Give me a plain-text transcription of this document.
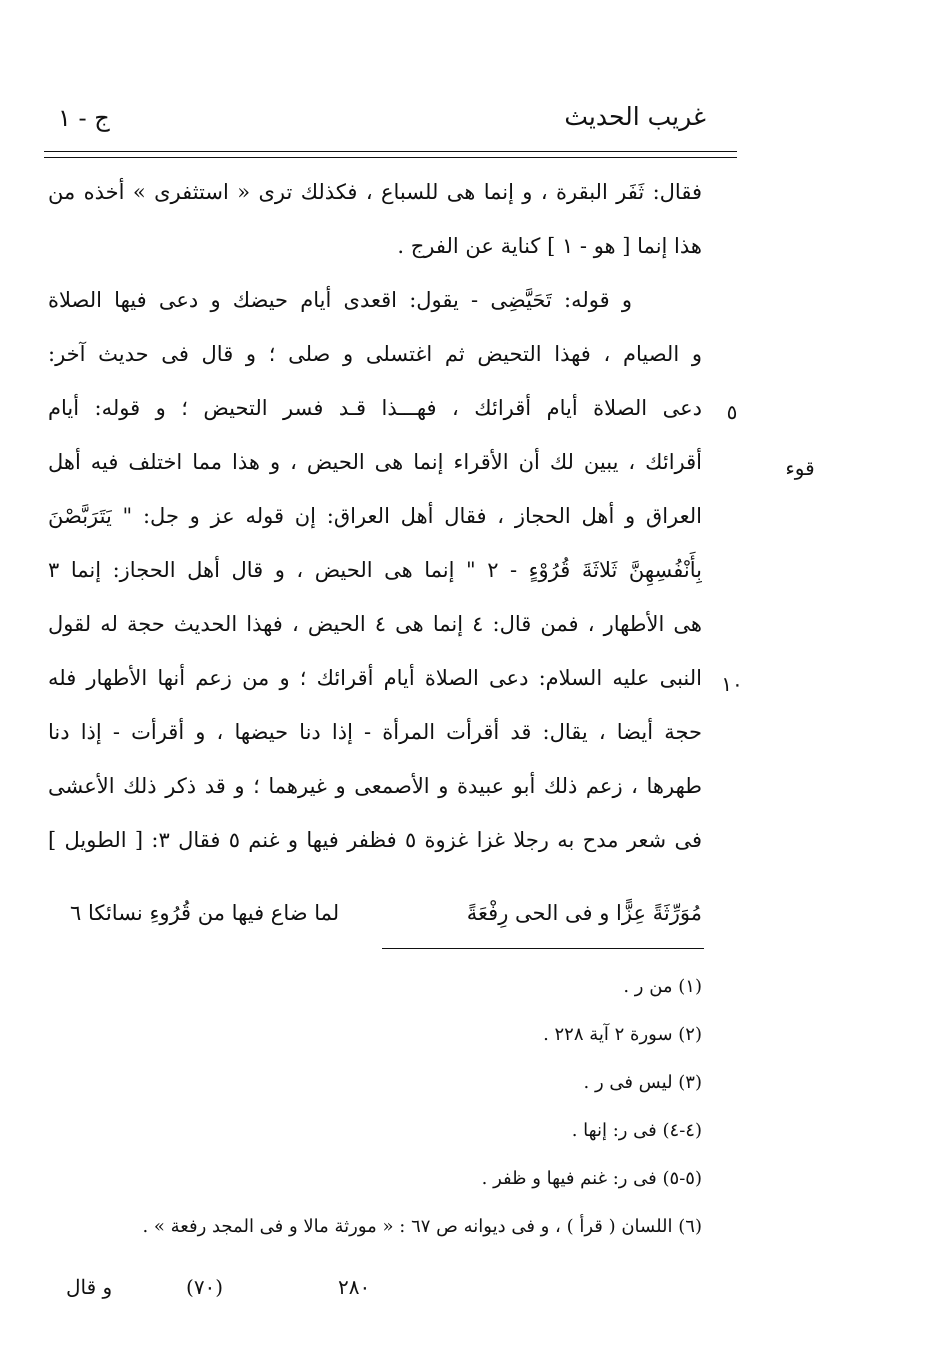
غريب الحديث
ج - ١
٥
١٠
قوء
فقال: ثَفَر البقرة ، و إنما هى للسباع ، فكذلك ترى « استثفرى » أخذه من
هذا إنما [ هو - ١ ] كناية عن الفرج .
و قوله: تَحَيَّضِى - يقول: اقعدى أيام حيضك و دعى فيها الصلاة
و الصيام ، فهذا التحيض ثم اغتسلى و صلى ؛ و قال فى حديث آخر:
دعى الصلاة أيام أقرائك ، فهـــذا قـد فسر التحيض ؛ و قوله: أيام
أقرائك ، يبين لك أن الأقراء إنما هى الحيض ، و هذا مما اختلف فيه أهل
العراق و أهل الحجاز ، فقال أهل العراق: إن قوله عز و جل: " يَتَرَبَّصْنَ
بِأَنْفُسِهِنَّ ثَلاثَةَ قُرُوْءٍ - ٢ " إنما هى الحيض ، و قال أهل الحجاز: إنما ٣
هى الأطهار ، فمن قال: ٤ إنما هى ٤ الحيض ، فهذا الحديث حجة له لقول
النبى عليه السلام: دعى الصلاة أيام أقرائك ؛ و من زعم أنها الأطهار فله
حجة أيضا ، يقال: قد أقرأت المرأة - إذا دنا حيضها ، و أقرأت - إذا دنا
طهرها ، زعم ذلك أبو عبيدة و الأصمعى و غيرهما ؛ و قد ذكر ذلك الأعشى
فى شعر مدح به رجلا غزا غزوة ٥ فظفر فيها و غنم ٥ فقال ٣: [ الطويل ]
مُوَرِّثَةً عِزًّا و فى الحى رِفْعَةً
لما ضاع فيها من قُرُوءِ نسائكا ٦
(١) من ر .
(٢) سورة ٢ آية ٢٢٨ .
(٣) ليس فى ر .
(٤-٤) فى ر: إنها .
(٥-٥) فى ر: غنم فيها و ظفر .
(٦) اللسان ( قرأ ) ، و فى ديوانه ص ٦٧ : « مورثة مالا و فى المجد رفعة » .
و قال	(٧٠)	٢٨٠
